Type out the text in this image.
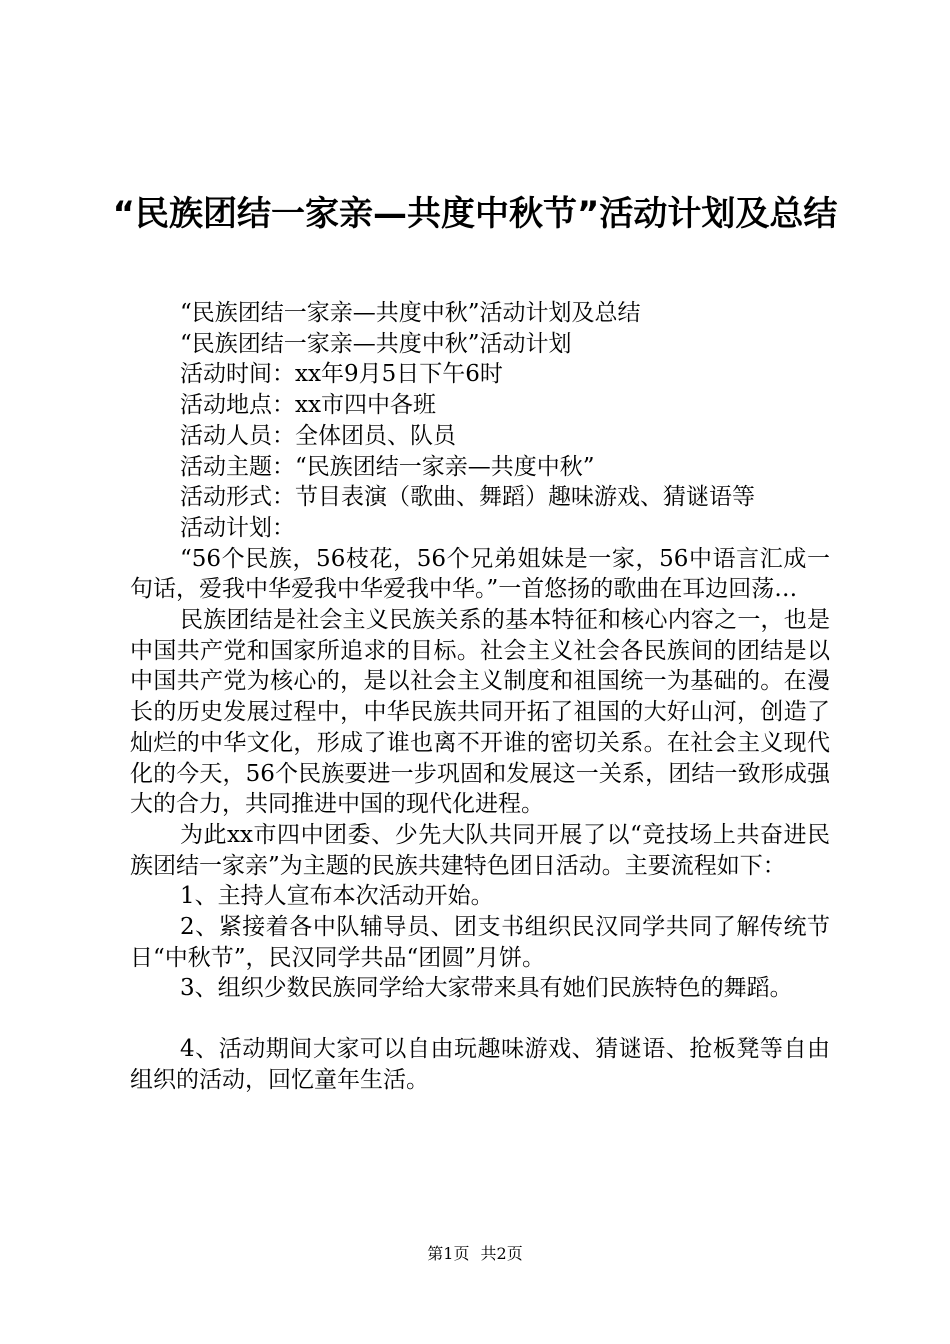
“民族团结一家亲—共度中秋节”活动计划及总结

“民族团结一家亲—共度中秋”活动计划及总结

“民族团结一家亲—共度中秋”活动计划

活动时间：xx年9月5日下午6时

活动地点：xx市四中各班

活动人员：全体团员、队员

活动主题：“民族团结一家亲—共度中秋”

活动形式：节目表演（歌曲、舞蹈）趣味游戏、猜谜语等

活动计划：

“56个民族，56枝花，56个兄弟姐妹是一家，56中语言汇成一句话，爱我中华爱我中华爱我中华。”一首悠扬的歌曲在耳边回荡…

民族团结是社会主义民族关系的基本特征和核心内容之一，也是中国共产党和国家所追求的目标。社会主义社会各民族间的团结是以中国共产党为核心的，是以社会主义制度和祖国统一为基础的。在漫长的历史发展过程中，中华民族共同开拓了祖国的大好山河，创造了灿烂的中华文化，形成了谁也离不开谁的密切关系。在社会主义现代化的今天，56个民族要进一步巩固和发展这一关系，团结一致形成强大的合力，共同推进中国的现代化进程。

为此xx市四中团委、少先大队共同开展了以“竞技场上共奋进民族团结一家亲”为主题的民族共建特色团日活动。主要流程如下：

1、主持人宣布本次活动开始。

2、紧接着各中队辅导员、团支书组织民汉同学共同了解传统节日“中秋节”，民汉同学共品“团圆”月饼。

3、组织少数民族同学给大家带来具有她们民族特色的舞蹈。

4、活动期间大家可以自由玩趣味游戏、猜谜语、抢板凳等自由组织的活动，回忆童年生活。

第1页 共2页
